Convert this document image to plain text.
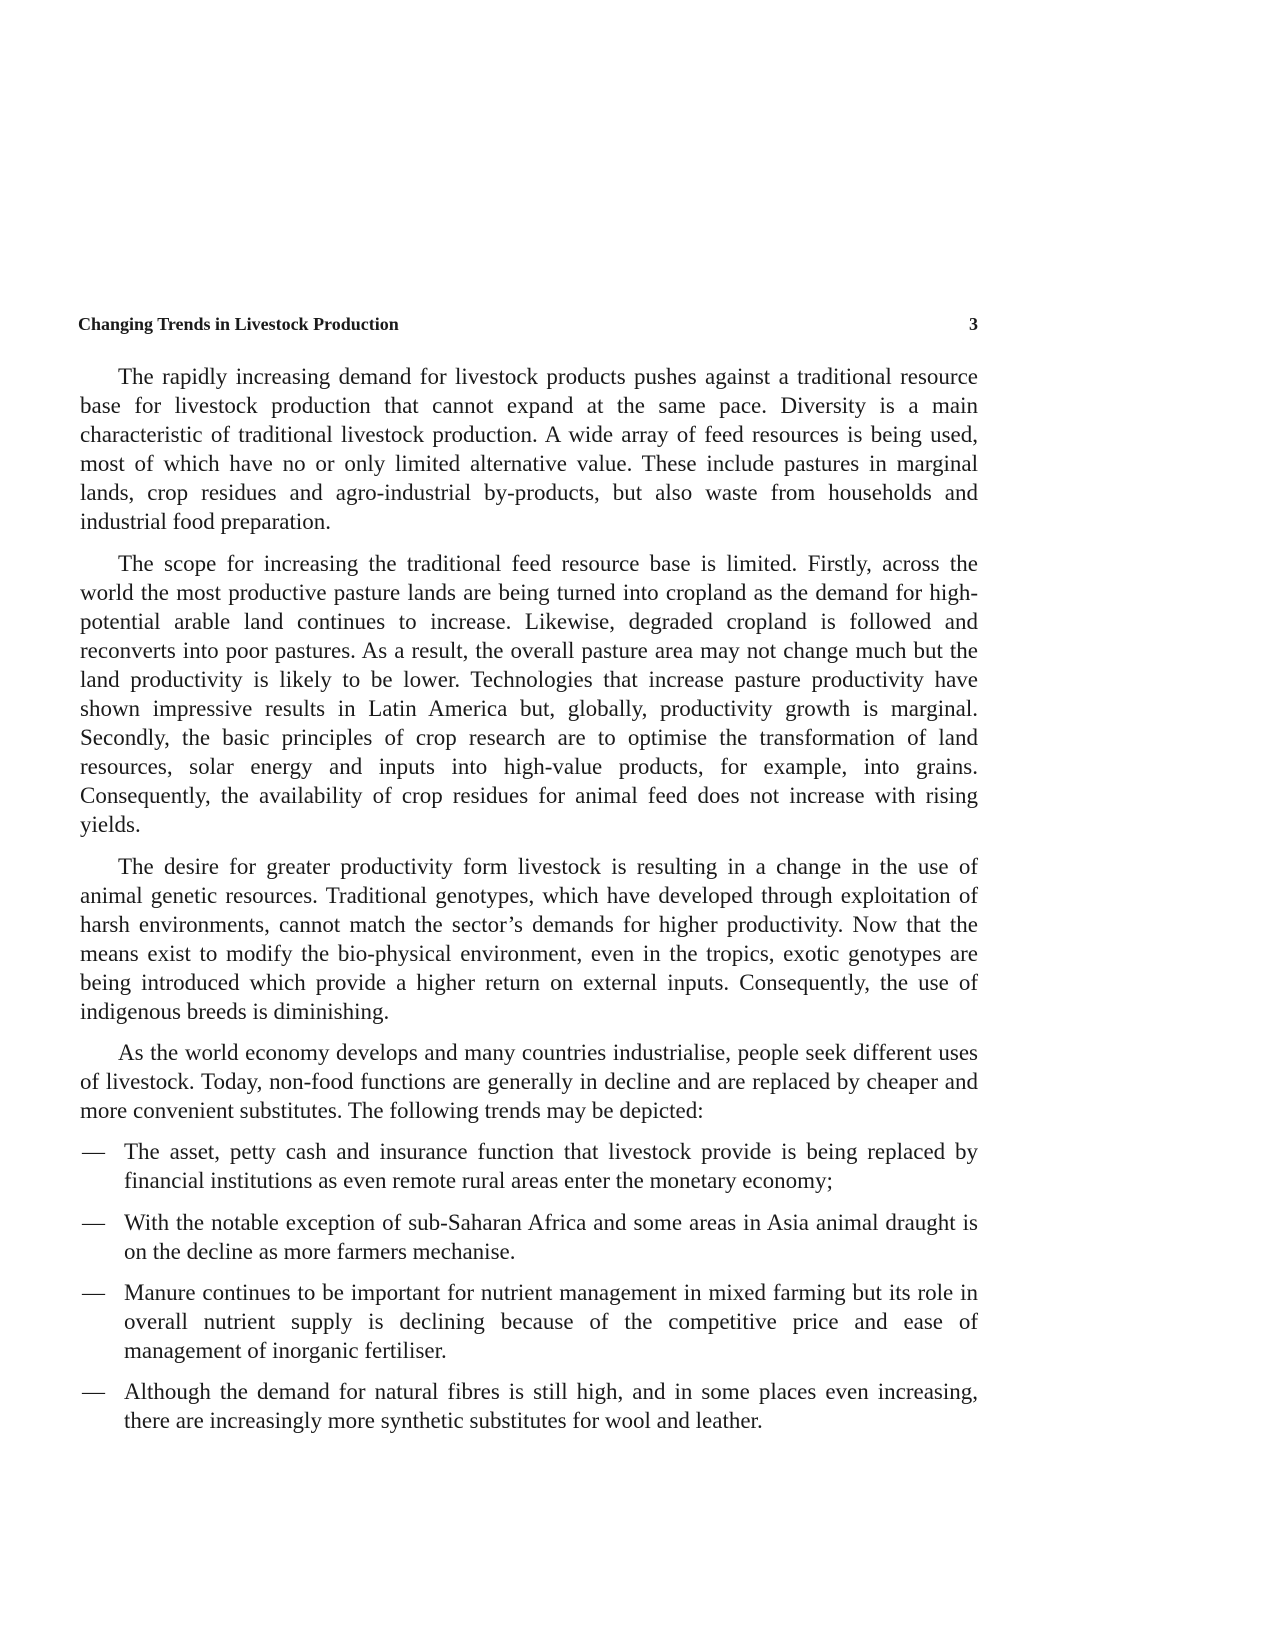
Changing Trends in Livestock Production	3

The rapidly increasing demand for livestock products pushes against a traditional resource base for livestock production that cannot expand at the same pace. Diversity is a main characteristic of traditional livestock production. A wide array of feed resources is being used, most of which have no or only limited alternative value. These include pastures in marginal lands, crop residues and agro-industrial by-products, but also waste from households and industrial food preparation.

The scope for increasing the traditional feed resource base is limited. Firstly, across the world the most productive pasture lands are being turned into cropland as the demand for high-potential arable land continues to increase. Likewise, degraded cropland is followed and reconverts into poor pastures. As a result, the overall pasture area may not change much but the land productivity is likely to be lower. Technologies that increase pasture productivity have shown impressive results in Latin America but, globally, productivity growth is marginal. Secondly, the basic principles of crop research are to optimise the transformation of land resources, solar energy and inputs into high-value products, for example, into grains. Consequently, the availability of crop residues for animal feed does not increase with rising yields.

The desire for greater productivity form livestock is resulting in a change in the use of animal genetic resources. Traditional genotypes, which have developed through exploitation of harsh environments, cannot match the sector’s demands for higher productivity. Now that the means exist to modify the bio-physical environment, even in the tropics, exotic genotypes are being introduced which provide a higher return on external inputs. Consequently, the use of indigenous breeds is diminishing.

As the world economy develops and many countries industrialise, people seek different uses of livestock. Today, non-food functions are generally in decline and are replaced by cheaper and more convenient substitutes. The following trends may be depicted:

— The asset, petty cash and insurance function that livestock provide is being replaced by financial institutions as even remote rural areas enter the monetary economy;
— With the notable exception of sub-Saharan Africa and some areas in Asia animal draught is on the decline as more farmers mechanise.
— Manure continues to be important for nutrient management in mixed farming but its role in overall nutrient supply is declining because of the competitive price and ease of management of inorganic fertiliser.
— Although the demand for natural fibres is still high, and in some places even increasing, there are increasingly more synthetic substitutes for wool and leather.
